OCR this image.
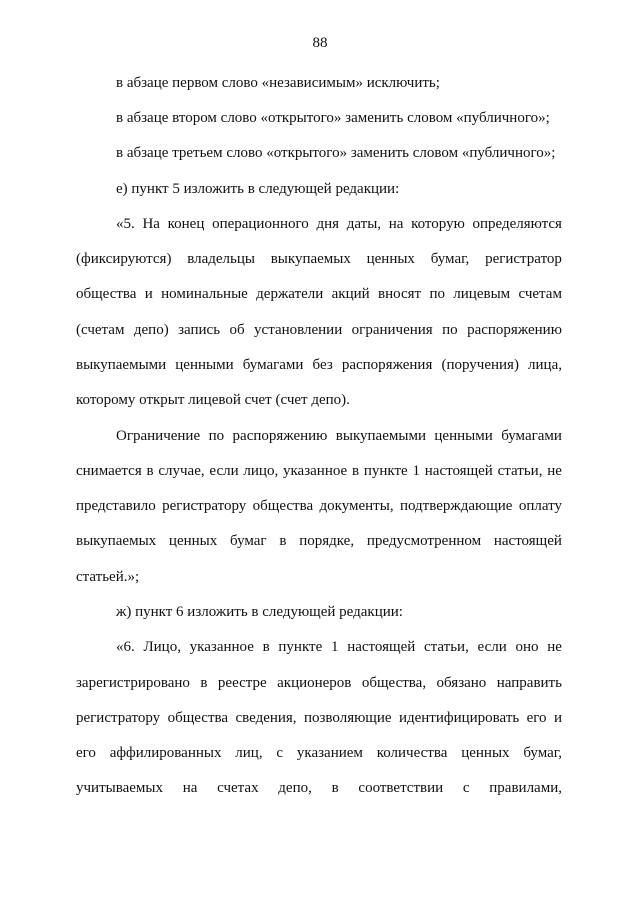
88

в абзаце первом слово «независимым» исключить;

в абзаце втором слово «открытого» заменить словом «публичного»;

в абзаце третьем слово «открытого» заменить словом «публичного»;

е) пункт 5 изложить в следующей редакции:

«5. На конец операционного дня даты, на которую определяются

(фиксируются) владельцы выкупаемых ценных бумаг, регистратор

общества и номинальные держатели акций вносят по лицевым счетам

(счетам депо) запись об установлении ограничения по распоряжению

выкупаемыми ценными бумагами без распоряжения (поручения) лица,

которому открыт лицевой счет (счет депо).

Ограничение по распоряжению выкупаемыми ценными бумагами

снимается в случае, если лицо, указанное в пункте 1 настоящей статьи, не

представило регистратору общества документы, подтверждающие оплату

выкупаемых ценных бумаг в порядке, предусмотренном настоящей

статьей.»;

ж) пункт 6 изложить в следующей редакции:

«6. Лицо, указанное в пункте 1 настоящей статьи, если оно не

зарегистрировано в реестре акционеров общества, обязано направить

регистратору общества сведения, позволяющие идентифицировать его и

его аффилированных лиц, с указанием количества ценных бумаг,

учитываемых на счетах депо, в соответствии с правилами,
